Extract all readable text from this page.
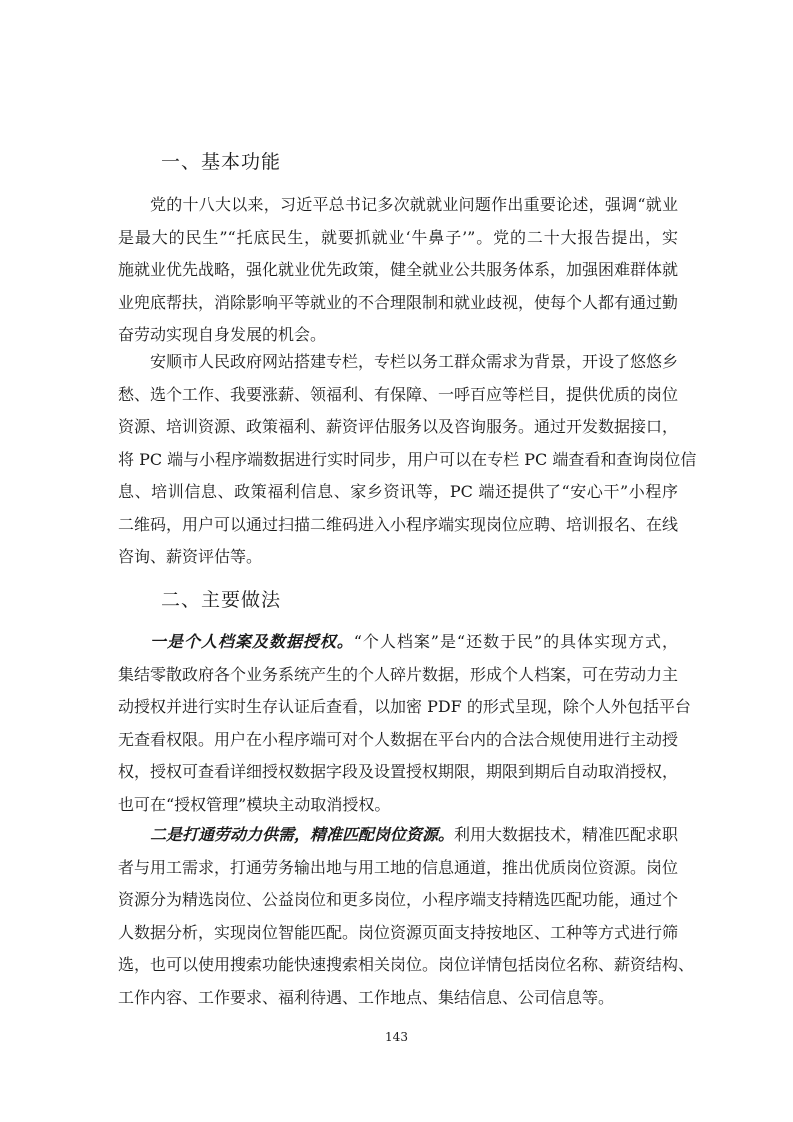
一、基本功能
党的十八大以来，习近平总书记多次就就业问题作出重要论述，强调“就业
是最大的民生”“托底民生，就要抓就业‘牛鼻子’”。党的二十大报告提出，实
施就业优先战略，强化就业优先政策，健全就业公共服务体系，加强困难群体就
业兜底帮扶，消除影响平等就业的不合理限制和就业歧视，使每个人都有通过勤
奋劳动实现自身发展的机会。
安顺市人民政府网站搭建专栏，专栏以务工群众需求为背景，开设了悠悠乡
愁、选个工作、我要涨薪、领福利、有保障、一呼百应等栏目，提供优质的岗位
资源、培训资源、政策福利、薪资评估服务以及咨询服务。通过开发数据接口，
将 PC 端与小程序端数据进行实时同步，用户可以在专栏 PC 端查看和查询岗位信
息、培训信息、政策福利信息、家乡资讯等，PC 端还提供了“安心干”小程序
二维码，用户可以通过扫描二维码进入小程序端实现岗位应聘、培训报名、在线
咨询、薪资评估等。
二、主要做法
一是个人档案及数据授权。“个人档案”是“还数于民”的具体实现方式，
集结零散政府各个业务系统产生的个人碎片数据，形成个人档案，可在劳动力主
动授权并进行实时生存认证后查看，以加密 PDF 的形式呈现，除个人外包括平台
无查看权限。用户在小程序端可对个人数据在平台内的合法合规使用进行主动授
权，授权可查看详细授权数据字段及设置授权期限，期限到期后自动取消授权，
也可在“授权管理”模块主动取消授权。
二是打通劳动力供需，精准匹配岗位资源。利用大数据技术，精准匹配求职
者与用工需求，打通劳务输出地与用工地的信息通道，推出优质岗位资源。岗位
资源分为精选岗位、公益岗位和更多岗位，小程序端支持精选匹配功能，通过个
人数据分析，实现岗位智能匹配。岗位资源页面支持按地区、工种等方式进行筛
选，也可以使用搜索功能快速搜索相关岗位。岗位详情包括岗位名称、薪资结构、
工作内容、工作要求、福利待遇、工作地点、集结信息、公司信息等。
143
